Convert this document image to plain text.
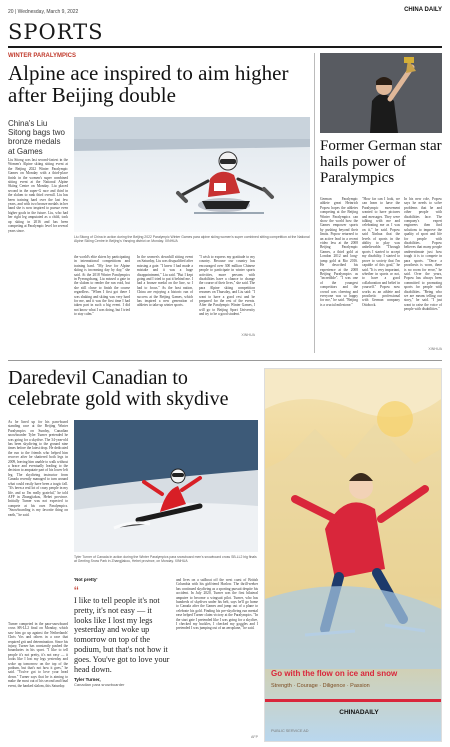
20 | Wednesday, March 9, 2022	CHINA DAILY
SPORTS
WINTER PARALYMPICS
Alpine ace inspired to aim higher after Beijing double
China's Liu Sitong bags two bronze medals at Games
Liu Sitong was last second-fastest in the Women's Alpine skiing sitting event at the Beijing 2022 Winter Paralympic Games on Monday with a third-place finish in the women's super combined sitting event at the National Alpine Skiing Centre on Monday. Liu placed second in the super-G race and third in the slalom to rank third overall. Liu has been training hard over the last few years, and with two bronze medals in her hand she is now inspired to pursue even higher goals in the future. Liu, who had her right leg amputated as a child, took up skiing in 2016 and has been competing at Paralympic level for several years since.
Liu Sitong of China in action during the Beijing 2022 Paralympic Winter Games para alpine skiing women's super combined sitting competition at the National Alpine Skiing Centre in Beijing's Yanqing district on Monday. XINHUA
the world's elite skiers by participating in international competitions and training hard. "My love for Alpine skiing is increasing day by day," she said. At the 2018 Winter Paralympics in Pyeongchang, Liu missed a gate in the slalom to render the run void, but she still chose to finish the course regardless. "When I first got there I was shaking and skiing was very hard for me, and it was the first time I had taken part in such a big event. I did not know what I was doing, but I tried to stay calm."
In the women's downhill sitting event on Saturday, Liu was disqualified after missing a gate. "I knew I had made a mistake and it was a huge disappointment," Liu said. "But I kept going and I tried to put it behind me. I had a bronze medal on the line, so I had to focus." As the host nation, China are enjoying a historic run of success at the Beijing Games, which has inspired a new generation of athletes to take up winter sports.
"I wish to express my gratitude to my country. Because our country has encouraged over 300 million Chinese people to participate in winter sports activities, more persons with disabilities have a chance to change the course of their lives," she said. The para Alpine skiing competition resumes on Thursday, and Liu said: "I want to have a good rest and be prepared for the rest of the events. After the Paralympic Winter Games, I will go to Beijing Sport University and try to be a good student."
XINHUA
Former German star hails power of Paralympics
German Paralympic athlete great Heinrich Popow hopes the athletes competing at the Beijing Winter Paralympics can show the world how the Games empower sports by pushing beyond their limits. Popow returned to an active lead in a recent video less at the 2008 Beijing Paralympic Games, a third gold at London 2012 and long-jump gold at Rio 2016. He described his experience at the 2008 Beijing Paralympics as "incredible". "I was one of the youngest competitors and the crowd was cheering and everyone was so happy for me," he said. "Beijing is a crucial milestone."
"How far can I look, we can learn to have the Paralympic movement wanted to have pictures and messages. They were talking with me and celebrating me as I was on it," he said. Popow said Xinhua that the levels of sports in the ability to play was unbelievable. "Through sports I started to accept my disability. I started to prove to society that I'm capable of this goal," he said. "It is very important, whether in sports or not, to have a good collaboration and belief in yourself." Popow now works as an athlete and prosthetic professional with German company Ottobock.
In his new role, Popow says he needs to solve problems that he and other people with disabilities face. The company's expert engineers then find solutions to improve the quality of sport and life for people with disabilities. Popow believes that many people underestimate just how tough it is to compete in para sports. "Once a prosthesis is worn, there is no room for error," he said. Over the years, Popow has always been committed to promoting sports for people with disabilities. "Being who we are means telling our story," he said. "I just want to raise the voice of people with disabilities."
XINHUA
Daredevil Canadian to celebrate gold with skydive
As he lined up for his para-board standing race at the Beijing Winter Paralympics on Sunday, Canadian snowboarder Tyler Turner pretended he was going for a skydive. The 34-year-old has been skydiving to the ground nine times before the latest drop. He dedicated the run to the friends who helped him recover after he shattered both legs in 2009, leaving him unable to walk without a brace and eventually leading to the decision to amputate part of his lower left leg. The skydiving instructor from Canada recently managed to turn around what could easily have been a tragic fall. "It's been a real lot of crazy people in my life, and so I'm really grateful," he told AFP in Zhangjiakou, Hebei province. Initially Turner was not expected to compete at his own Paralympics. "Snowboarding is my favorite thing on earth," he said.
Tyler Turner of Canada in action during the Winter Paralympics para snowboard men's snowboard cross SB-LL2 big finals at Genting Snow Park in Zhangjiakou, Hebei province, on Monday. XINHUA
'Not pretty'
Turner competed in the para-snowboard cross SB-LL2 final on Monday, which saw him go up against the Netherlands' Chris Vos and others in a race that required grit and determination. Since his injury, Turner has constantly pushed the boundaries in his sport. "I like to tell people it's not pretty, it's not easy — it looks like I lost my legs yesterday and woke up tomorrow on the top of the podium, but that's not how it goes," he said. "You've got to love your head down." Turner says that he is aiming to make the most out of his second and final event, the banked slalom, this Saturday.
“
I like to tell people it's not pretty, it's not easy — it looks like I lost my legs yesterday and woke up tomorrow on top of the podium, but that's not how it goes. You've got to love your head down.
Tyler Turner,
Canadian para snowboarder
and lives on a sailboat off the west coast of British Columbia with his girlfriend Harlow. The thrill-seeker has continued skydiving as a sporting pursuit despite his accident. In July 2020, Turner was the first bilateral amputee to become a wingsuit pilot. Turner, who has hundreds of skydives under his belt, says he'll go home to Canada after the Games and jump out of a plane to celebrate his gold. Finding his pre-skydiving run mental ease helped Turner claim victory at the Paralympics. "In the start gate I pretended like I was going for a skydive, I checked my buckles, I checked my goggles and I pretended I was jumping out of an aeroplane," he said.
AFP
Go with the flow on ice and snow
Strength · Courage · Diligence · Passion
CHINADAILY
PUBLIC SERVICE AD
